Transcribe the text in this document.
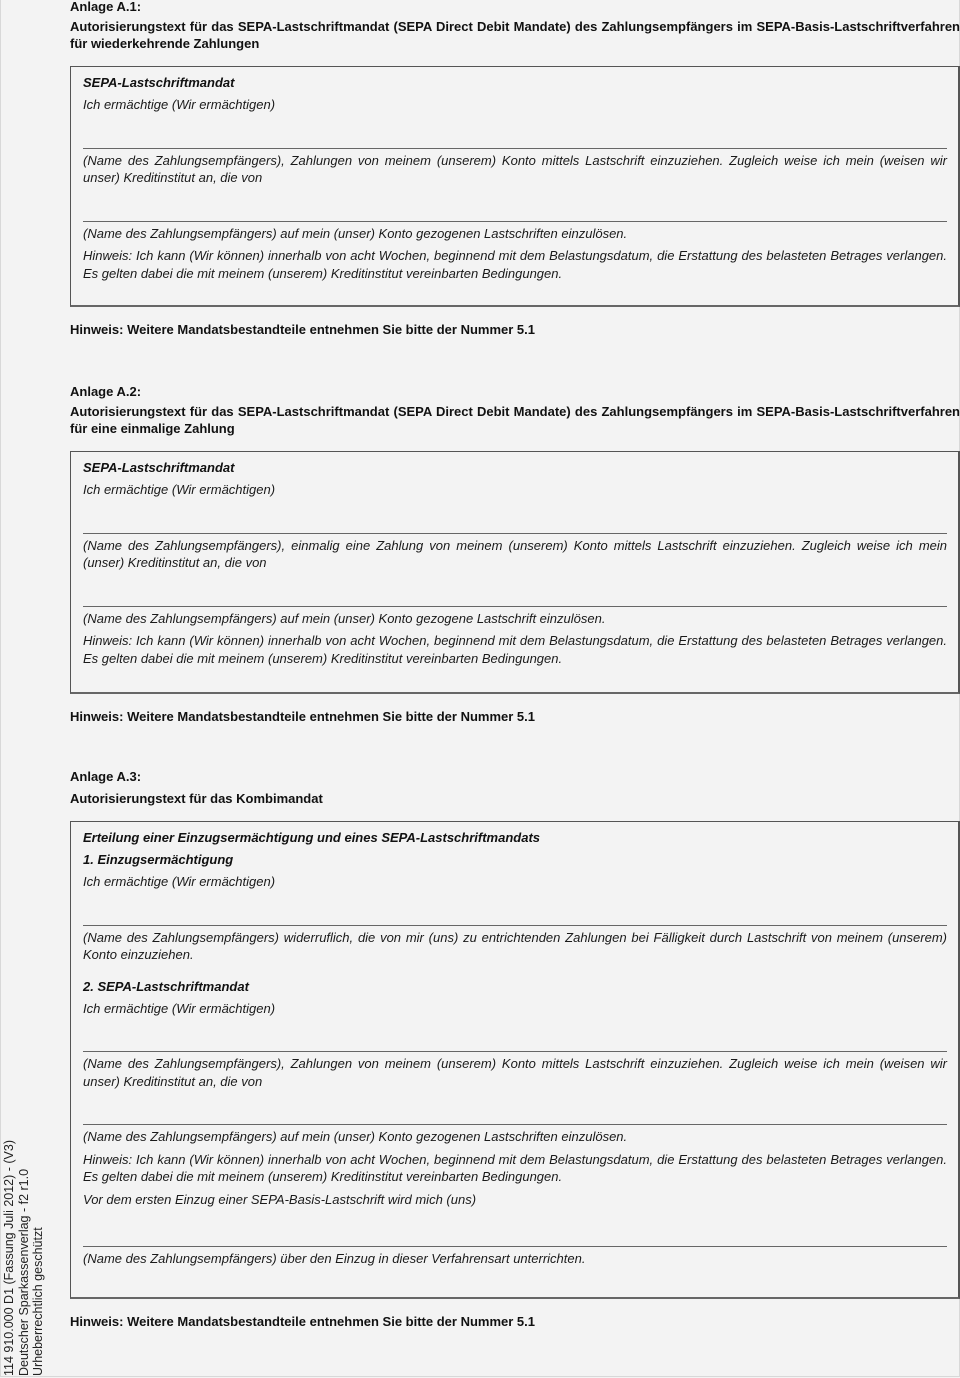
114 910.000 D1 (Fassung Juli 2012) - (V3) Deutscher Sparkassenverlag - f2 r1.0 Urheberrechtlich geschützt
Anlage A.1:
Autorisierungstext für das SEPA-Lastschriftmandat (SEPA Direct Debit Mandate) des Zahlungsempfängers im SEPA-Basis-Lastschriftverfahren für wiederkehrende Zahlungen
SEPA-Lastschriftmandat
Ich ermächtige (Wir ermächtigen)
(Name des Zahlungsempfängers), Zahlungen von meinem (unserem) Konto mittels Lastschrift einzuziehen. Zugleich weise ich mein (weisen wir unser) Kreditinstitut an, die von
(Name des Zahlungsempfängers) auf mein (unser) Konto gezogenen Lastschriften einzulösen.
Hinweis: Ich kann (Wir können) innerhalb von acht Wochen, beginnend mit dem Belastungsdatum, die Erstattung des belasteten Betrages verlangen. Es gelten dabei die mit meinem (unserem) Kreditinstitut vereinbarten Bedingungen.
Hinweis: Weitere Mandatsbestandteile entnehmen Sie bitte der Nummer 5.1
Anlage A.2:
Autorisierungstext für das SEPA-Lastschriftmandat (SEPA Direct Debit Mandate) des Zahlungsempfängers im SEPA-Basis-Lastschriftverfahren für eine einmalige Zahlung
SEPA-Lastschriftmandat
Ich ermächtige (Wir ermächtigen)
(Name des Zahlungsempfängers), einmalig eine Zahlung von meinem (unserem) Konto mittels Lastschrift einzuziehen. Zugleich weise ich mein (unser) Kreditinstitut an, die von
(Name des Zahlungsempfängers) auf mein (unser) Konto gezogene Lastschrift einzulösen.
Hinweis: Ich kann (Wir können) innerhalb von acht Wochen, beginnend mit dem Belastungsdatum, die Erstattung des belasteten Betrages verlangen. Es gelten dabei die mit meinem (unserem) Kreditinstitut vereinbarten Bedingungen.
Hinweis: Weitere Mandatsbestandteile entnehmen Sie bitte der Nummer 5.1
Anlage A.3:
Autorisierungstext für das Kombimandat
Erteilung einer Einzugsermächtigung und eines SEPA-Lastschriftmandats
1. Einzugsermächtigung
Ich ermächtige (Wir ermächtigen)
(Name des Zahlungsempfängers) widerruflich, die von mir (uns) zu entrichtenden Zahlungen bei Fälligkeit durch Lastschrift von meinem (unserem) Konto einzuziehen.
2. SEPA-Lastschriftmandat
Ich ermächtige (Wir ermächtigen)
(Name des Zahlungsempfängers), Zahlungen von meinem (unserem) Konto mittels Lastschrift einzuziehen. Zugleich weise ich mein (weisen wir unser) Kreditinstitut an, die von
(Name des Zahlungsempfängers) auf mein (unser) Konto gezogenen Lastschriften einzulösen.
Hinweis: Ich kann (Wir können) innerhalb von acht Wochen, beginnend mit dem Belastungsdatum, die Erstattung des belasteten Betrages verlangen. Es gelten dabei die mit meinem (unserem) Kreditinstitut vereinbarten Bedingungen.
Vor dem ersten Einzug einer SEPA-Basis-Lastschrift wird mich (uns)
(Name des Zahlungsempfängers) über den Einzug in dieser Verfahrensart unterrichten.
Hinweis: Weitere Mandatsbestandteile entnehmen Sie bitte der Nummer 5.1
